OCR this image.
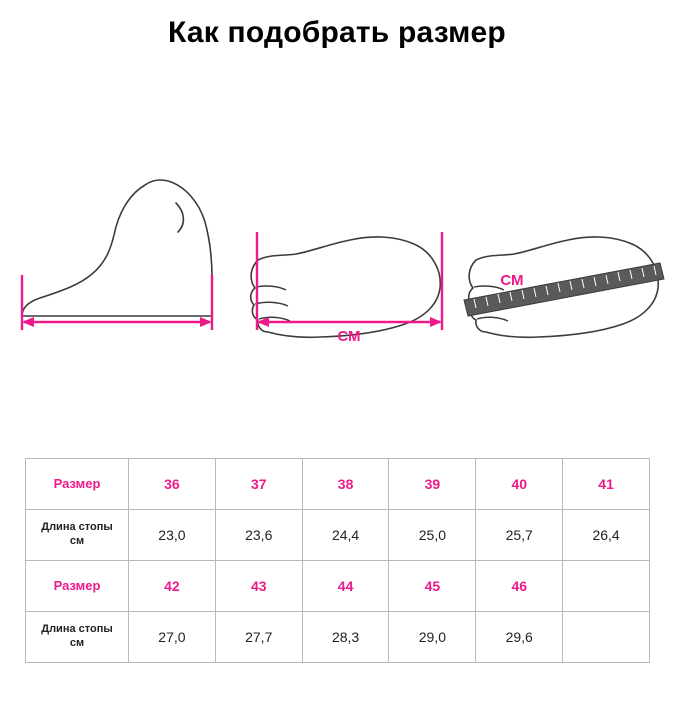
Как подобрать размер
СМ
СМ
Размер	36	37	38	39	40	41
Длина стопы
см	23,0	23,6	24,4	25,0	25,7	26,4
Размер	42	43	44	45	46	
Длина стопы
см	27,0	27,7	28,3	29,0	29,6	
